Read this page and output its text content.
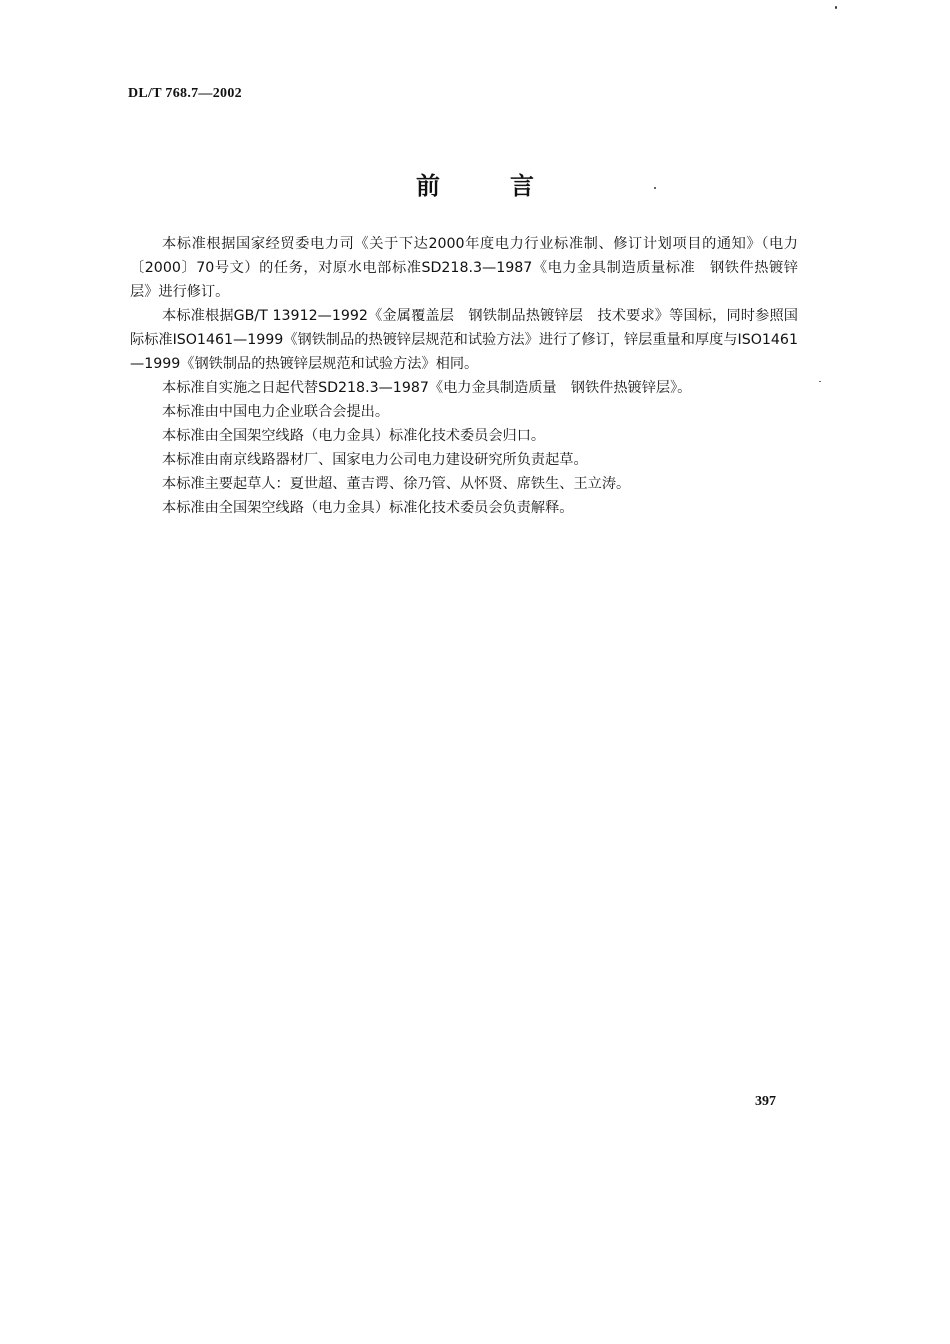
DL/T 768.7—2002
前言

本标准根据国家经贸委电力司《关于下达2000年度电力行业标准制、修订计划项目的通知》（电力〔2000〕70号文）的任务，对原水电部标准SD218.3—1987《电力金具制造质量标准　钢铁件热镀锌层》进行修订。

本标准根据GB/T 13912—1992《金属覆盖层　钢铁制品热镀锌层　技术要求》等国标，同时参照国际标准ISO1461—1999《钢铁制品的热镀锌层规范和试验方法》进行了修订，锌层重量和厚度与ISO1461—1999《钢铁制品的热镀锌层规范和试验方法》相同。

本标准自实施之日起代替SD218.3—1987《电力金具制造质量　钢铁件热镀锌层》。

本标准由中国电力企业联合会提出。

本标准由全国架空线路（电力金具）标准化技术委员会归口。

本标准由南京线路器材厂、国家电力公司电力建设研究所负责起草。

本标准主要起草人：夏世超、董吉谔、徐乃管、从怀贤、席铁生、王立涛。

本标准由全国架空线路（电力金具）标准化技术委员会负责解释。

397
